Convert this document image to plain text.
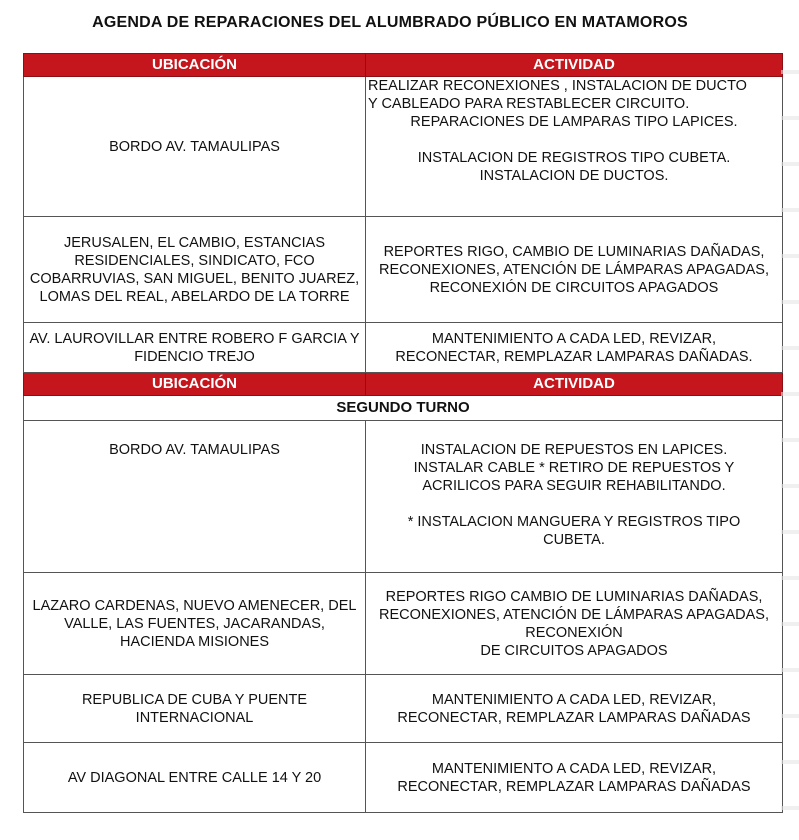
AGENDA DE REPARACIONES DEL ALUMBRADO PÚBLICO EN MATAMOROS
UBICACIÓN	ACTIVIDAD
BORDO AV. TAMAULIPAS	REALIZAR RECONEXIONES , INSTALACION DE DUCTO
Y CABLEADO PARA RESTABLECER CIRCUITO.
REPARACIONES DE LAMPARAS TIPO LAPICES.

INSTALACION DE REGISTROS TIPO CUBETA.
INSTALACION DE DUCTOS.

JERUSALEN, EL CAMBIO, ESTANCIAS RESIDENCIALES, SINDICATO, FCO COBARRUVIAS, SAN MIGUEL, BENITO JUAREZ, LOMAS DEL REAL, ABELARDO DE LA TORRE	REPORTES RIGO, CAMBIO DE LUMINARIAS DAÑADAS,
RECONEXIONES, ATENCIÓN DE LÁMPARAS APAGADAS,
RECONEXIÓN DE CIRCUITOS APAGADOS

AV. LAUROVILLAR ENTRE ROBERO F GARCIA Y FIDENCIO TREJO	MANTENIMIENTO A CADA LED, REVIZAR,
RECONECTAR, REMPLAZAR LAMPARAS DAÑADAS.

UBICACIÓN	ACTIVIDAD
SEGUNDO TURNO	
BORDO AV. TAMAULIPAS	INSTALACION DE REPUESTOS EN LAPICES.
INSTALAR CABLE * RETIRO DE REPUESTOS Y
ACRILICOS PARA SEGUIR REHABILITANDO.

* INSTALACION MANGUERA Y REGISTROS TIPO
CUBETA.

LAZARO CARDENAS, NUEVO AMENECER, DEL VALLE, LAS FUENTES, JACARANDAS, HACIENDA MISIONES	REPORTES RIGO CAMBIO DE LUMINARIAS DAÑADAS,
RECONEXIONES, ATENCIÓN DE LÁMPARAS APAGADAS,
RECONEXIÓN
DE CIRCUITOS APAGADOS

REPUBLICA DE CUBA Y PUENTE INTERNACIONAL	MANTENIMIENTO A CADA LED, REVIZAR,
RECONECTAR, REMPLAZAR LAMPARAS DAÑADAS

AV DIAGONAL ENTRE CALLE 14 Y 20	MANTENIMIENTO A CADA LED, REVIZAR,
RECONECTAR, REMPLAZAR LAMPARAS DAÑADAS
